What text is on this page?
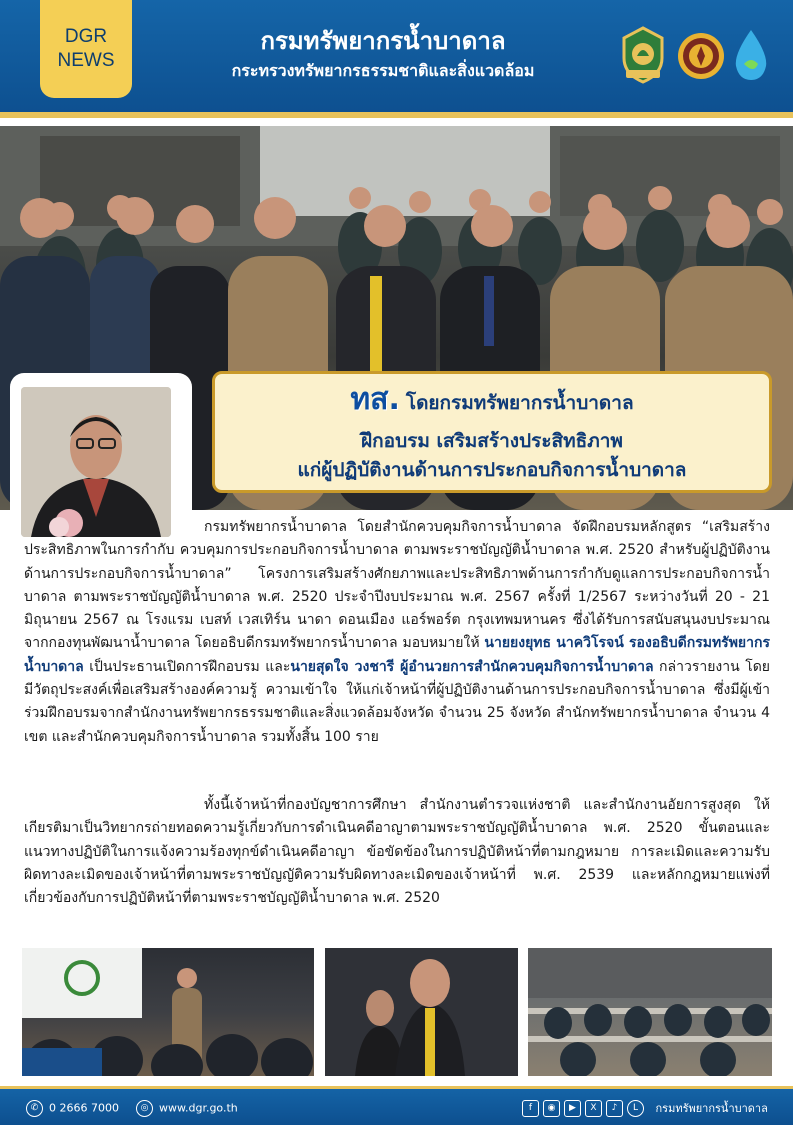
DGR
NEWS
กรมทรัพยากรน้ำบาดาล
กระทรวงทรัพยากรธรรมชาติและสิ่งแวดล้อม
ทส. โดยกรมทรัพยากรน้ำบาดาล
ฝึกอบรม เสริมสร้างประสิทธิภาพ
แก่ผู้ปฏิบัติงานด้านการประกอบกิจการน้ำบาดาล
กรมทรัพยากรน้ำบาดาล โดยสำนักควบคุมกิจการน้ำบาดาล จัดฝึกอบรมหลักสูตร “เสริมสร้างประสิทธิภาพในการกำกับ ควบคุมการประกอบกิจการน้ำบาดาล ตามพระราชบัญญัติน้ำบาดาล พ.ศ. 2520 สำหรับผู้ปฏิบัติงานด้านการประกอบกิจการน้ำบาดาล” โครงการเสริมสร้างศักยภาพและประสิทธิภาพด้านการกำกับดูแลการประกอบกิจการน้ำบาดาล ตามพระราชบัญญัติน้ำบาดาล พ.ศ. 2520 ประจำปีงบประมาณ พ.ศ. 2567 ครั้งที่ 1/2567 ระหว่างวันที่ 20 - 21 มิถุนายน 2567 ณ โรงแรม เบสท์ เวสเทิร์น นาดา ดอนเมือง แอร์พอร์ต กรุงเทพมหานคร ซึ่งได้รับการสนับสนุนงบประมาณจากกองทุนพัฒนาน้ำบาดาล โดยอธิบดีกรมทรัพยากรน้ำบาดาล มอบหมายให้ นายยงยุทธ นาควิโรจน์ รองอธิบดีกรมทรัพยากรน้ำบาดาล เป็นประธานเปิดการฝึกอบรม และนายสุดใจ วงชารี ผู้อำนวยการสำนักควบคุมกิจการน้ำบาดาล กล่าวรายงาน โดยมีวัตถุประสงค์เพื่อเสริมสร้างองค์ความรู้ ความเข้าใจ ให้แก่เจ้าหน้าที่ผู้ปฏิบัติงานด้านการประกอบกิจการน้ำบาดาล ซึ่งมีผู้เข้าร่วมฝึกอบรมจากสำนักงานทรัพยากรธรรมชาติและสิ่งแวดล้อมจังหวัด จำนวน 25 จังหวัด สำนักทรัพยากรน้ำบาดาล จำนวน 4 เขต และสำนักควบคุมกิจการน้ำบาดาล รวมทั้งสิ้น 100 ราย
ทั้งนี้เจ้าหน้าที่กองบัญชาการศึกษา สำนักงานตำรวจแห่งชาติ และสำนักงานอัยการสูงสุด ให้เกียรติมาเป็นวิทยากรถ่ายทอดความรู้เกี่ยวกับการดำเนินคดีอาญาตามพระราชบัญญัติน้ำบาดาล พ.ศ. 2520 ขั้นตอนและแนวทางปฏิบัติในการแจ้งความร้องทุกข์ดำเนินคดีอาญา ข้อขัดข้องในการปฏิบัติหน้าที่ตามกฎหมาย การละเมิดและความรับผิดทางละเมิดของเจ้าหน้าที่ตามพระราชบัญญัติความรับผิดทางละเมิดของเจ้าหน้าที่ พ.ศ. 2539 และหลักกฎหมายแพ่งที่เกี่ยวข้องกับการปฏิบัติหน้าที่ตามพระราชบัญญัติน้ำบาดาล พ.ศ. 2520
✆ 0 2666 7000	◎ www.dgr.go.th	f ◉ ▶ X ♪ L กรมทรัพยากรน้ำบาดาล
